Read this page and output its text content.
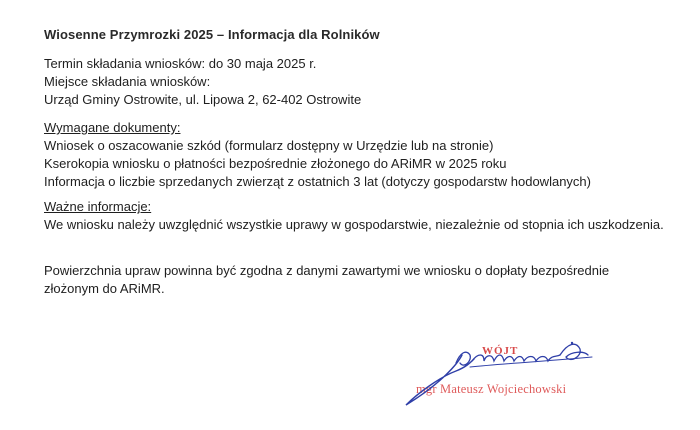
Wiosenne Przymrozki 2025 – Informacja dla Rolników

Termin składania wniosków: do 30 maja 2025 r.

Miejsce składania wniosków:

Urząd Gminy Ostrowite, ul. Lipowa 2, 62-402 Ostrowite

Wymagane dokumenty:

Wniosek o oszacowanie szkód (formularz dostępny w Urzędzie lub na stronie)

Kserokopia wniosku o płatności bezpośrednie złożonego do ARiMR w 2025 roku

Informacja o liczbie sprzedanych zwierząt z ostatnich 3 lat (dotyczy gospodarstw hodowlanych)

Ważne informacje:

We wniosku należy uwzględnić wszystkie uprawy w gospodarstwie, niezależnie od stopnia ich uszkodzenia.

Powierzchnia upraw powinna być zgodna z danymi zawartymi we wniosku o dopłaty bezpośrednie złożonym do ARiMR.

WÓJT
mgr Mateusz Wojciechowski
